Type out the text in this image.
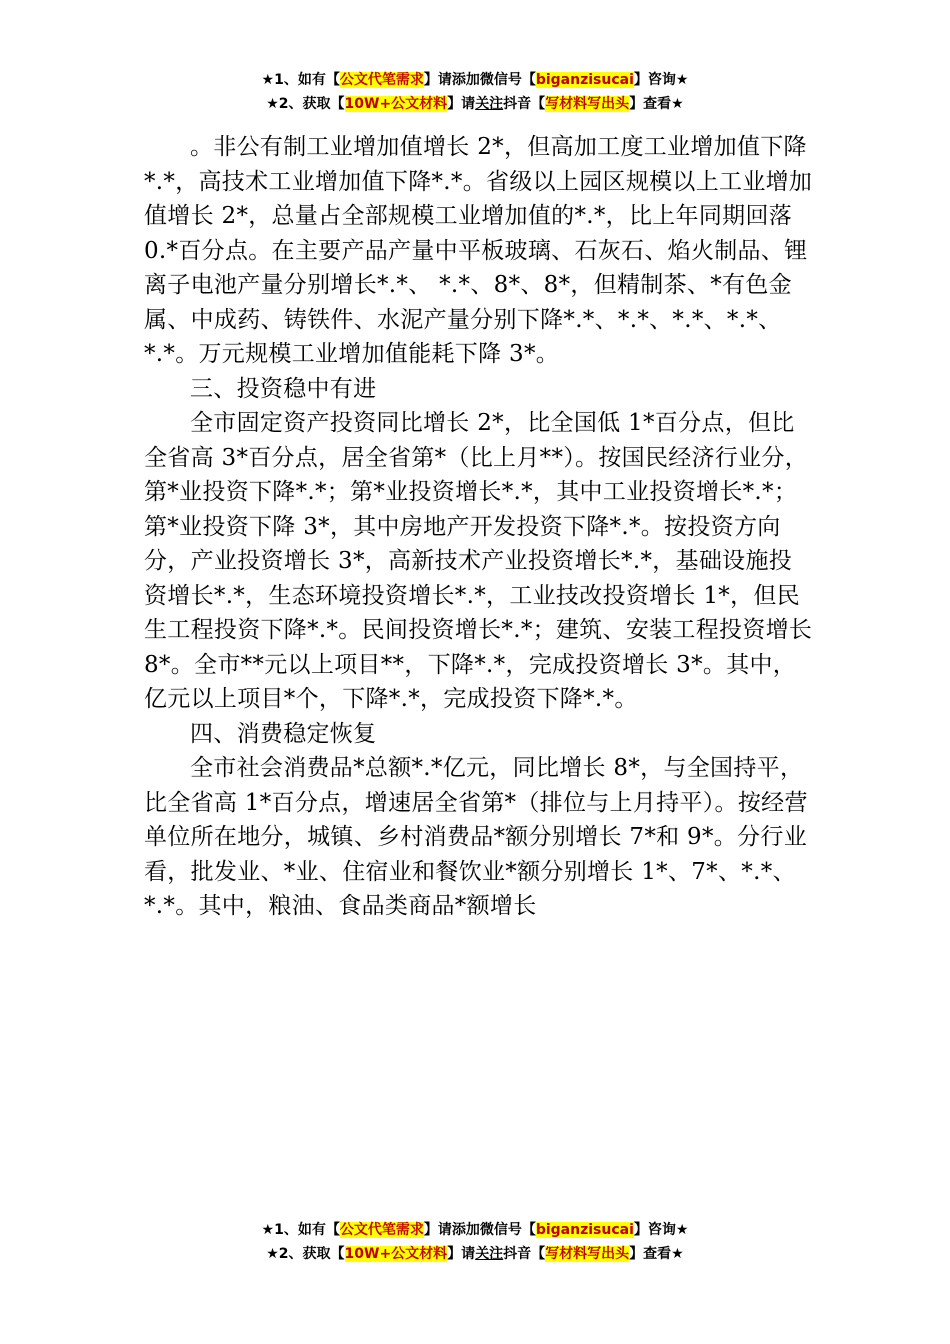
★1、如有【公文代笔需求】请添加微信号【biganzisucai】咨询★
★2、获取【10W+公文材料】请关注抖音【写材料写出头】查看★

。非公有制工业增加值增长 2*，但高加工度工业增加值下降*.*，高技术工业增加值下降*.*。省级以上园区规模以上工业增加值增长 2*，总量占全部规模工业增加值的*.*，比上年同期回落 0.*百分点。在主要产品产量中平板玻璃、石灰石、焰火制品、锂离子电池产量分别增长*.*、 *.*、8*、8*，但精制茶、*有色金属、中成药、铸铁件、水泥产量分别下降*.*、*.*、*.*、*.*、*.*。万元规模工业增加值能耗下降 3*。

三、投资稳中有进

全市固定资产投资同比增长 2*，比全国低 1*百分点，但比全省高 3*百分点，居全省第*（比上月**）。按国民经济行业分，第*业投资下降*.*；第*业投资增长*.*，其中工业投资增长*.*；第*业投资下降 3*，其中房地产开发投资下降*.*。按投资方向分，产业投资增长 3*，高新技术产业投资增长*.*，基础设施投资增长*.*，生态环境投资增长*.*，工业技改投资增长 1*，但民生工程投资下降*.*。民间投资增长*.*；建筑、安装工程投资增长 8*。全市**元以上项目**，下降*.*，完成投资增长 3*。其中，亿元以上项目*个，下降*.*，完成投资下降*.*。

四、消费稳定恢复

全市社会消费品*总额*.*亿元，同比增长 8*，与全国持平，比全省高 1*百分点，增速居全省第*（排位与上月持平）。按经营单位所在地分，城镇、乡村消费品*额分别增长 7*和 9*。分行业看，批发业、*业、住宿业和餐饮业*额分别增长 1*、7*、*.*、*.*。其中，粮油、食品类商品*额增长

★1、如有【公文代笔需求】请添加微信号【biganzisucai】咨询★
★2、获取【10W+公文材料】请关注抖音【写材料写出头】查看★
